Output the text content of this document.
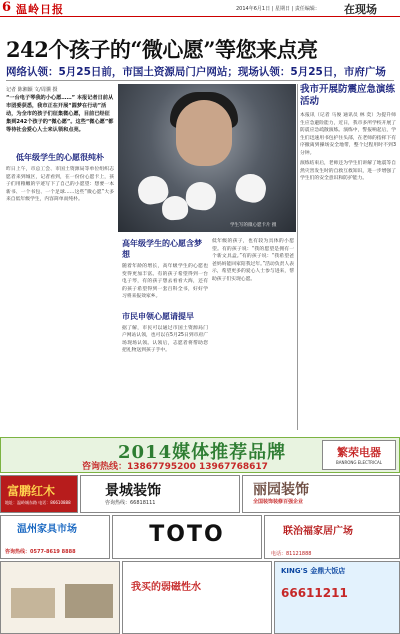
6 温岭日报	2014年6月1日 | 星期日 | 责任编辑： 在现场
242个孩子的“微心愿”等您来点亮
网络认领：5月25日前，市国土资源局门户网站；现场认领：5月25日，市府广场
记者 陈湘颖 文/周骥 摄
“一台电子琴我的小心愿……” 本报记者日前从市团委获悉，我市正在开展“圆梦在行动”活动，为全市的孩子们征集微心愿，目前已经征集到242个孩子的“微心愿”。这些“微心愿”都等待社会爱心人士来认领和点亮。
学生写的微心愿卡片 摄
我市开展防震应急演练活动
本报讯（记者 马俊 通讯员 林 奕）为提升师生应急避险能力，近日，我市多所学校开展了防震应急疏散演练。演练中，警报响起后，学生们迅速用书包护住头部，在老师的指挥下有序撤离到操场安全地带，整个过程用时不到3分钟。
演练结束后，老师还为学生们讲解了地震等自然灾害发生时的自救互救知识，进一步增强了学生们的安全意识和防护能力。
低年级学生的心愿很纯朴
昨日上午，市总工会、市国土资源局等单位组织志愿者来到城区，记者看到，在一份份心愿卡上，孩子们用稚嫩的字迹写下了自己的小愿望：想要一本新书、一个书包、一个足球……这些“微心愿”大多来自低年级学生，内容简单而纯朴。
高年级学生的心愿含梦想
随着年龄的增长，高年级学生的心愿也变得更加丰富。有的孩子希望得到一台电子琴，有的孩子想去看看大海，还有的孩子希望得到一套百科全书，好好学习将来报效家乡。
市民申领心愿请提早
据了解，市民可以通过市国土资源局门户网站认领，也可以在5月25日到市府广场现场认领。认领后，志愿者将帮助您把礼物送到孩子手中。
低年级的孩子，也有较为具体的小愿望。有的孩子说：“我的愿望是拥有一个新文具盒。”有的孩子说：“我希望爸爸妈妈能回家陪我过年。”活动负责人表示，希望更多的爱心人士参与进来，帮助孩子们实现心愿。
2014媒体推荐品牌
咨询热线：13867795200 13967768617
繁荣电器
BANRONG ELECTRICAL
富鹏红木
地址：温岭城东路 电话：86610888
景城装饰
咨询热线：66818111
丽园装饰
全国装饰装修百强企业
温州家具市场
咨询热线：0577-8619 8888
TOTO	联治福家居广场
电话：81121888
我买的弱磁性水
KING'S 金鼎大饭店
66611211
